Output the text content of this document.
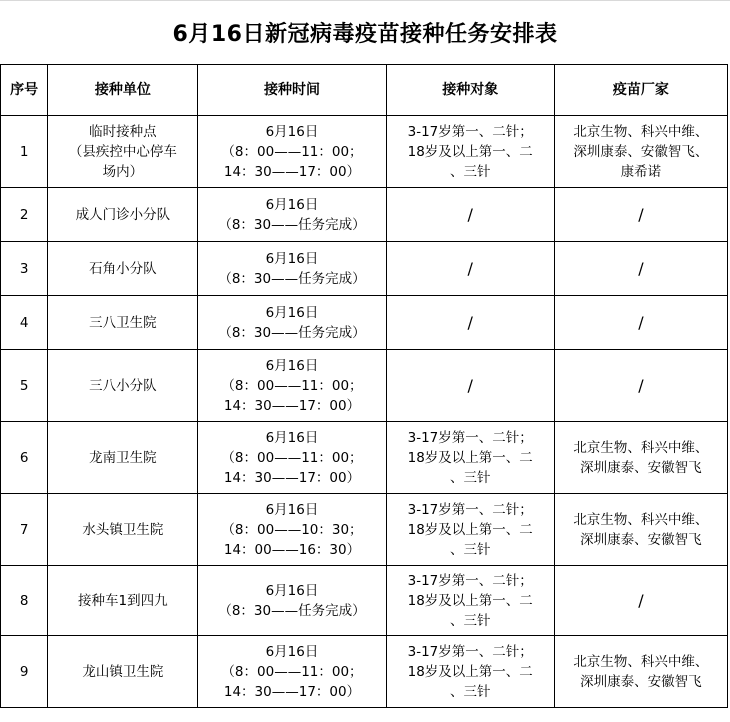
6月16日新冠病毒疫苗接种任务安排表
序号	接种单位	接种时间	接种对象	疫苗厂家
1	临时接种点
（县疾控中心停车
场内）	6月16日
（8：00——11：00；
14：30——17：00）	3-17岁第一、二针；
18岁及以上第一、二
、三针	北京生物、科兴中维、
深圳康泰、安徽智飞、
康希诺

2	成人门诊小分队	6月16日
（8：30——任务完成）	/	/

3	石角小分队	6月16日
（8：30——任务完成）	/	/

4	三八卫生院	6月16日
（8：30——任务完成）	/	/

5	三八小分队	6月16日
（8：00——11：00；
14：30——17：00）	/	/

6	龙南卫生院	6月16日
（8：00——11：00；
14：30——17：00）	3-17岁第一、二针；
18岁及以上第一、二
、三针	北京生物、科兴中维、
深圳康泰、安徽智飞

7	水头镇卫生院	6月16日
（8：00——10：30；
14：00——16：30）	3-17岁第一、二针；
18岁及以上第一、二
、三针	北京生物、科兴中维、
深圳康泰、安徽智飞

8	接种车1到四九	6月16日
（8：30——任务完成）	3-17岁第一、二针；
18岁及以上第一、二
、三针	/

9	龙山镇卫生院	6月16日
（8：00——11：00；
14：30——17：00）	3-17岁第一、二针；
18岁及以上第一、二
、三针	北京生物、科兴中维、
深圳康泰、安徽智飞
